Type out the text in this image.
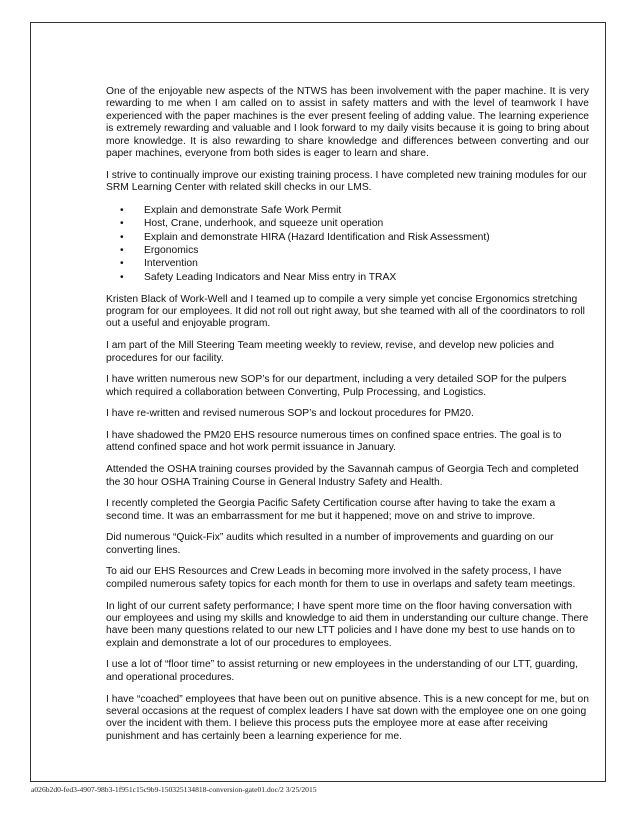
One of the enjoyable new aspects of the NTWS has been involvement with the paper machine. It is very rewarding to me when I am called on to assist in safety matters and with the level of teamwork I have experienced with the paper machines is the ever present feeling of adding value. The learning experience is extremely rewarding and valuable and I look forward to my daily visits because it is going to bring about more knowledge. It is also rewarding to share knowledge and differences between converting and our paper machines, everyone from both sides is eager to learn and share.

I strive to continually improve our existing training process. I have completed new training modules for our SRM Learning Center with related skill checks in our LMS.

• Explain and demonstrate Safe Work Permit
• Host, Crane, underhook, and squeeze unit operation
• Explain and demonstrate HIRA (Hazard Identification and Risk Assessment)
• Ergonomics
• Intervention
• Safety Leading Indicators and Near Miss entry in TRAX

Kristen Black of Work-Well and I teamed up to compile a very simple yet concise Ergonomics stretching program for our employees. It did not roll out right away, but she teamed with all of the coordinators to roll out a useful and enjoyable program.

I am part of the Mill Steering Team meeting weekly to review, revise, and develop new policies and procedures for our facility.

I have written numerous new SOP’s for our department, including a very detailed SOP for the pulpers which required a collaboration between Converting, Pulp Processing, and Logistics.

I have re-written and revised numerous SOP’s and lockout procedures for PM20.

I have shadowed the PM20 EHS resource numerous times on confined space entries. The goal is to attend confined space and hot work permit issuance in January.

Attended the OSHA training courses provided by the Savannah campus of Georgia Tech and completed the 30 hour OSHA Training Course in General Industry Safety and Health.

I recently completed the Georgia Pacific Safety Certification course after having to take the exam a second time. It was an embarrassment for me but it happened; move on and strive to improve.

Did numerous “Quick-Fix” audits which resulted in a number of improvements and guarding on our converting lines.

To aid our EHS Resources and Crew Leads in becoming more involved in the safety process, I have compiled numerous safety topics for each month for them to use in overlaps and safety team meetings.

In light of our current safety performance; I have spent more time on the floor having conversation with our employees and using my skills and knowledge to aid them in understanding our culture change. There have been many questions related to our new LTT policies and I have done my best to use hands on to explain and demonstrate a lot of our procedures to employees.

I use a lot of “floor time” to assist returning or new employees in the understanding of our LTT, guarding, and operational procedures.

I have “coached” employees that have been out on punitive absence. This is a new concept for me, but on several occasions at the request of complex leaders I have sat down with the employee one on one going over the incident with them. I believe this process puts the employee more at ease after receiving punishment and has certainly been a learning experience for me.

a026b2d0-fed3-4907-98b3-1f951c15c9b9-150325134818-conversion-gate01.doc/2 3/25/2015
